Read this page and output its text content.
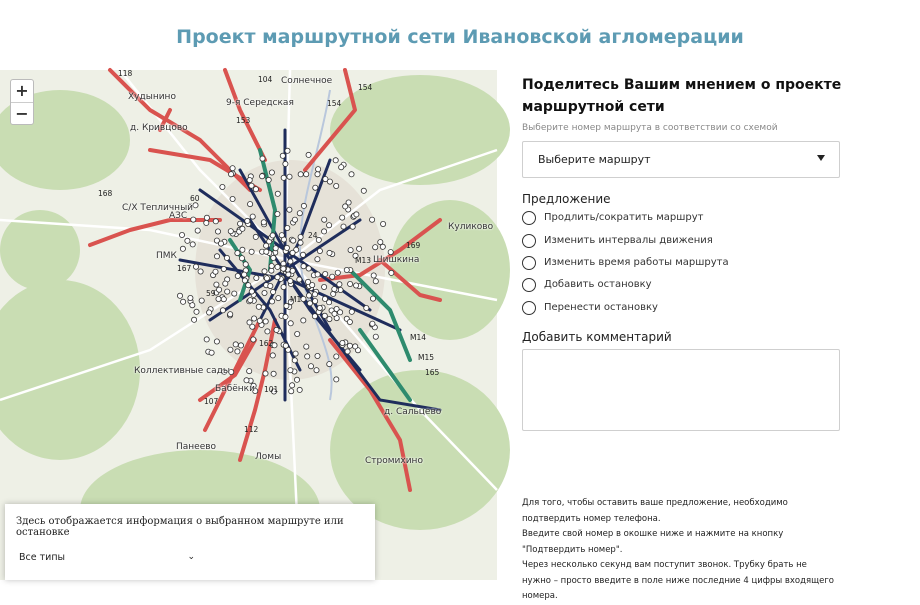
Проект маршрутной сети Ивановской агломерации
118
104
154
154
153
168
60
167
59
107
112
162
101
169
165
24
M13
M14
M15
M1
+
−
Солнечное
Худынино
д. Кривцово
9-я Середская
С/Х Тепличный
АЗС
ПМК
Куликово
Шишкина
Коллективные сады
Бабёнки
Панеево
Ломы	Стромихино
д. Сальцево
Здесь отображается информация о выбранном маршруте или остановке
Все типы	⌄
Поделитесь Вашим мнением о проекте маршрутной сети
Выберите номер маршрута в соответствии со схемой
Выберите маршрут
Предложение
Продлить/сократить маршрут
Изменить интервалы движения
Изменить время работы маршрута
Добавить остановку
Перенести остановку
Добавить комментарий
Для того, чтобы оставить ваше предложение, необходимо подтвердить номер телефона.
Введите свой номер в окошке ниже и нажмите на кнопку "Подтвердить номер".
Через несколько секунд вам поступит звонок. Трубку брать не нужно – просто введите в поле ниже последние 4 цифры входящего номера.
